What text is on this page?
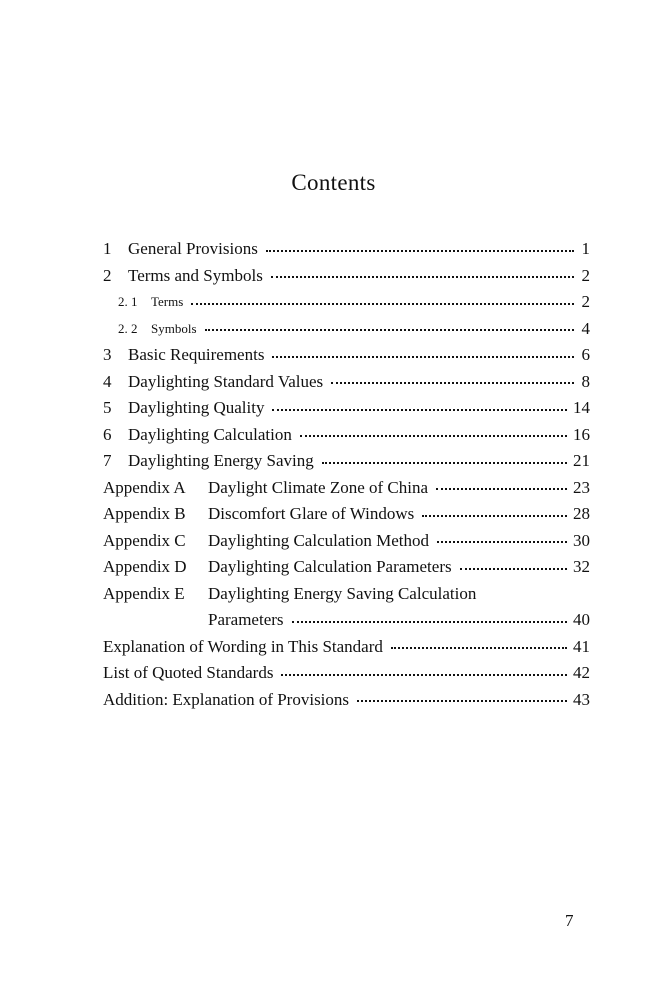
Contents
1 General Provisions	1
2 Terms and Symbols	2
2. 1	Terms	2
2. 2	Symbols	4
3 Basic Requirements	6
4 Daylighting Standard Values	8
5 Daylighting Quality	14
6 Daylighting Calculation	16
7 Daylighting Energy Saving	21
Appendix A	Daylight Climate Zone of China	23
Appendix B	Discomfort Glare of Windows	28
Appendix C	Daylighting Calculation Method	30
Appendix D	Daylighting Calculation Parameters	32
Appendix E	Daylighting Energy Saving Calculation
Parameters	40
Explanation of Wording in This Standard	41
List of Quoted Standards	42
Addition: Explanation of Provisions	43
7
